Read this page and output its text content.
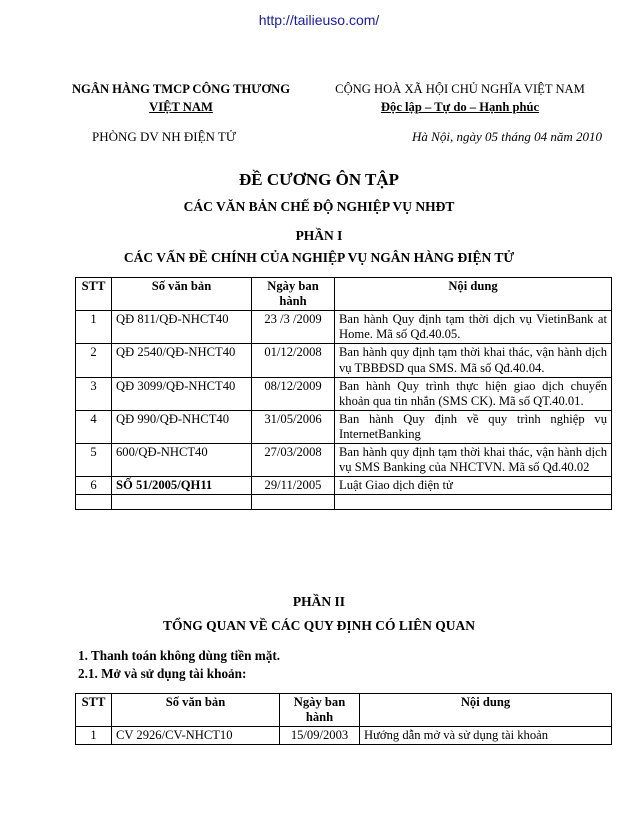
http://tailieuso.com/
NGÂN HÀNG TMCP CÔNG THƯƠNG
VIỆT NAM
CỘNG HOÀ XÃ HỘI CHỦ NGHĨA VIỆT NAM
Độc lập – Tự do – Hạnh phúc
PHÒNG DV NH ĐIỆN TỬ	Hà Nội, ngày 05 tháng 04 năm 2010
ĐỀ CƯƠNG ÔN TẬP
CÁC VĂN BẢN CHẾ ĐỘ NGHIỆP VỤ NHĐT
PHẦN I
CÁC VẤN ĐỀ CHÍNH CỦA NGHIỆP VỤ NGÂN HÀNG ĐIỆN TỬ
STT	Số văn bản	Ngày ban hành	Nội dung
1	QĐ 811/QĐ-NHCT40	23 /3 /2009	Ban hành Quy định tạm thời dịch vụ VietinBank at Home. Mã số Qđ.40.05.
2	QĐ 2540/QĐ-NHCT40	01/12/2008	Ban hành quy định tạm thời khai thác, vận hành dịch vụ TBBĐSD qua SMS. Mã số Qđ.40.04.
3	QĐ 3099/QĐ-NHCT40	08/12/2009	Ban hành Quy trình thực hiện giao dịch chuyển khoản qua tin nhắn (SMS CK). Mã số QT.40.01.
4	QĐ 990/QĐ-NHCT40	31/05/2006	Ban hành Quy định về quy trình nghiệp vụ InternetBanking
5	600/QĐ-NHCT40	27/03/2008	Ban hành quy định tạm thời khai thác, vận hành dịch vụ SMS Banking của NHCTVN. Mã số Qđ.40.02
6	SỐ 51/2005/QH11	29/11/2005	Luật Giao dịch điện tử

PHẦN II
TỔNG QUAN VỀ CÁC QUY ĐỊNH CÓ LIÊN QUAN
1. Thanh toán không dùng tiền mặt.
2.1. Mở và sử dụng tài khoản:
STT	Số văn bản	Ngày ban hành	Nội dung
1	CV 2926/CV-NHCT10	15/09/2003	Hướng dẫn mở và sử dụng tài khoản
